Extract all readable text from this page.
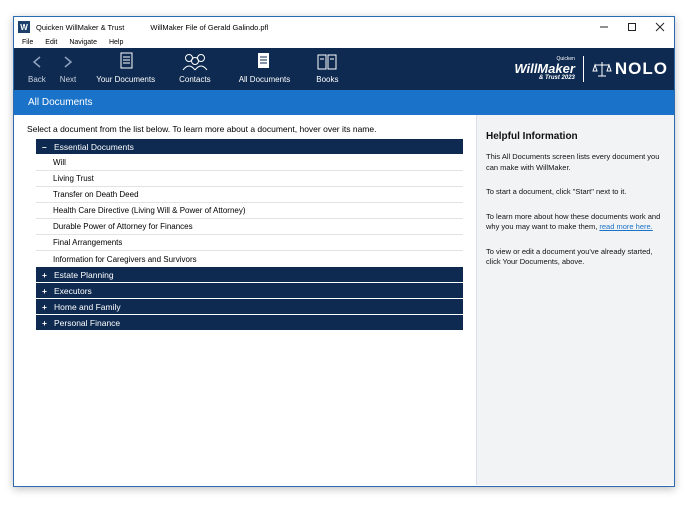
W Quicken WillMaker & Trust	WillMaker File of Gerald Galindo.pfl
File Edit Navigate Help
Back Next	Your Documents	Contacts	All Documents	Books
Quicken
WillMaker
& Trust 2023 NOLO
All Documents
Select a document from the list below. To learn more about a document, hover over its name.
– Essential Documents
Will
Living Trust
Transfer on Death Deed
Health Care Directive (Living Will & Power of Attorney)
Durable Power of Attorney for Finances
Final Arrangements
Information for Caregivers and Survivors
+ Estate Planning
+ Executors
+ Home and Family
+ Personal Finance
Helpful Information

This All Documents screen lists every document you can make with WillMaker.

To start a document, click "Start" next to it.

To learn more about how these documents work and why you may want to make them, read more here.

To view or edit a document you've already started, click Your Documents, above.
